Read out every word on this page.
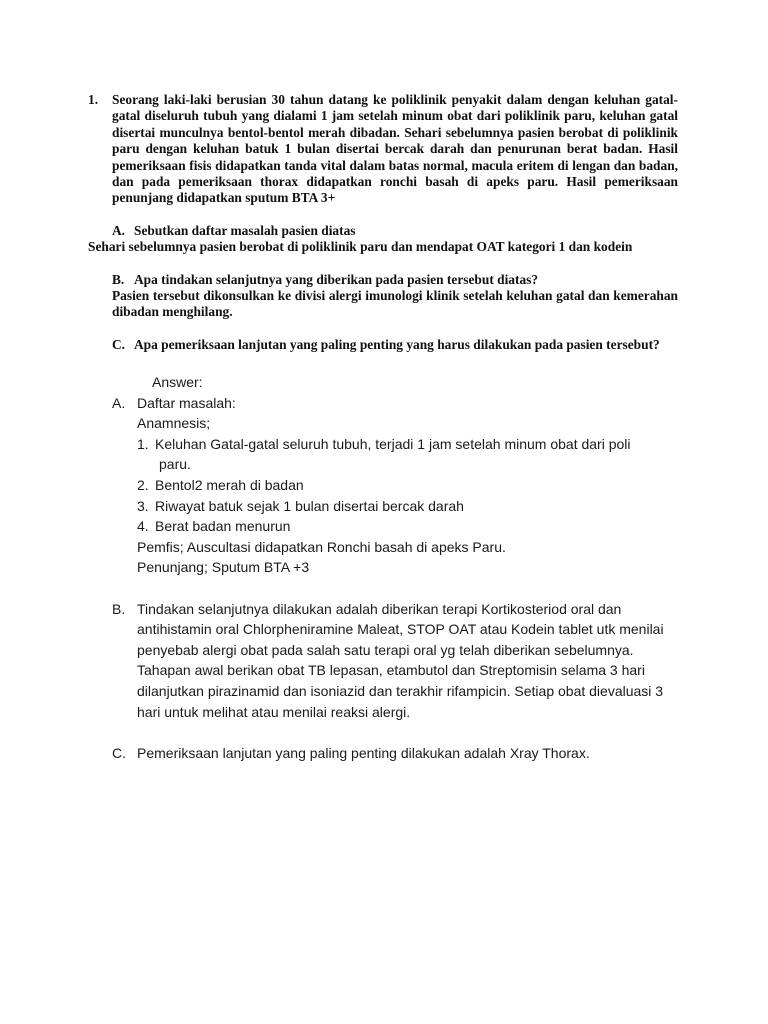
1.	Seorang laki-laki berusian 30 tahun datang ke poliklinik penyakit dalam dengan keluhan gatal-gatal diseluruh tubuh yang dialami 1 jam setelah minum obat dari poliklinik paru, keluhan gatal disertai munculnya bentol-bentol merah dibadan. Sehari sebelumnya pasien berobat di poliklinik paru dengan keluhan batuk 1 bulan disertai bercak darah dan penurunan berat badan. Hasil pemeriksaan fisis didapatkan tanda vital dalam batas normal, macula eritem di lengan dan badan, dan pada pemeriksaan thorax didapatkan ronchi basah di apeks paru. Hasil pemeriksaan penunjang didapatkan sputum BTA 3+
A. Sebutkan daftar masalah pasien diatas
Sehari sebelumnya pasien berobat di poliklinik paru dan mendapat OAT kategori 1 dan kodein
B. Apa tindakan selanjutnya yang diberikan pada pasien tersebut diatas?
Pasien tersebut dikonsulkan ke divisi alergi imunologi klinik setelah keluhan gatal dan kemerahan dibadan menghilang.
C. Apa pemeriksaan lanjutan yang paling penting yang harus dilakukan pada pasien tersebut?
Answer:
A. Daftar masalah:
Anamnesis;
1. Keluhan Gatal-gatal seluruh tubuh, terjadi 1 jam setelah minum obat dari poli
paru.
2. Bentol2 merah di badan
3. Riwayat batuk sejak 1 bulan disertai bercak darah
4. Berat badan menurun
Pemfis; Auscultasi didapatkan Ronchi basah di apeks Paru.
Penunjang; Sputum BTA +3
B. Tindakan selanjutnya dilakukan adalah diberikan terapi Kortikosteriod oral dan antihistamin oral Chlorpheniramine Maleat, STOP OAT atau Kodein tablet utk menilai penyebab alergi obat pada salah satu terapi oral yg telah diberikan sebelumnya. Tahapan awal berikan obat TB lepasan, etambutol dan Streptomisin selama 3 hari dilanjutkan pirazinamid dan isoniazid dan terakhir rifampicin. Setiap obat dievaluasi 3 hari untuk melihat atau menilai reaksi alergi.
C. Pemeriksaan lanjutan yang paling penting dilakukan adalah Xray Thorax.
